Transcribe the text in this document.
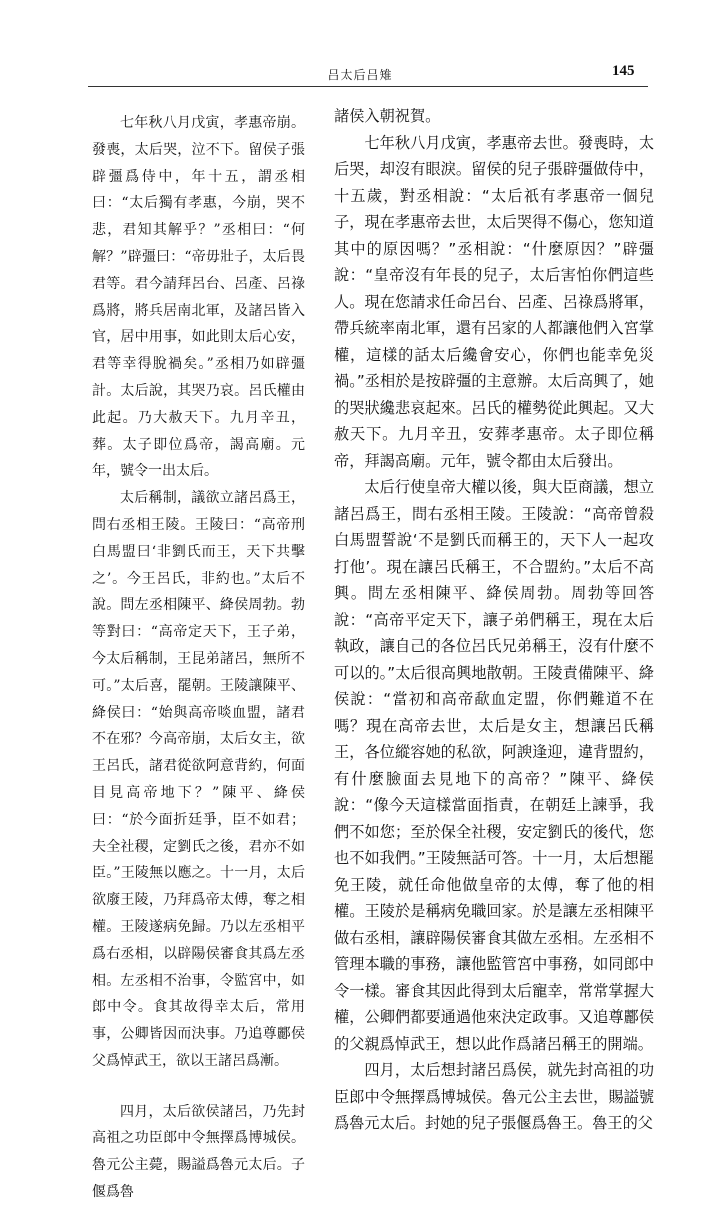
吕太后吕雉	145

七年秋八月戊寅，孝惠帝崩。發喪，太后哭，泣不下。留侯子張辟彊爲侍中，年十五，謂丞相曰：“太后獨有孝惠，今崩，哭不悲，君知其解乎？”丞相曰：“何解？”辟彊曰：“帝毋壯子，太后畏君等。君今請拜呂台、呂產、呂祿爲將，將兵居南北軍，及諸呂皆入官，居中用事，如此則太后心安，君等幸得脫禍矣。”丞相乃如辟彊計。太后說，其哭乃哀。呂氏權由此起。乃大赦天下。九月辛丑，葬。太子即位爲帝，謁高廟。元年，號令一出太后。

太后稱制，議欲立諸呂爲王，問右丞相王陵。王陵曰：“高帝刑白馬盟曰‘非劉氏而王，天下共擊之’。今王呂氏，非約也。”太后不說。問左丞相陳平、絳侯周勃。勃等對曰：“高帝定天下，王子弟，今太后稱制，王昆弟諸呂，無所不可。”太后喜，罷朝。王陵讓陳平、絳侯曰：“始與高帝啖血盟，諸君不在邪？今高帝崩，太后女主，欲王呂氏，諸君從欲阿意背約，何面目見高帝地下？”陳平、絳侯曰：“於今面折廷爭，臣不如君；夫全社稷，定劉氏之後，君亦不如臣。”王陵無以應之。十一月，太后欲廢王陵，乃拜爲帝太傅，奪之相權。王陵遂病免歸。乃以左丞相平爲右丞相，以辟陽侯審食其爲左丞相。左丞相不治事，令監宮中，如郎中令。食其故得幸太后，常用事，公卿皆因而決事。乃追尊酈侯父爲悼武王，欲以王諸呂爲漸。

四月，太后欲侯諸呂，乃先封高祖之功臣郎中令無擇爲博城侯。魯元公主薨，賜謚爲魯元太后。子偃爲魯

諸侯入朝祝賀。

七年秋八月戊寅，孝惠帝去世。發喪時，太后哭，却沒有眼淚。留侯的兒子張辟彊做侍中，十五歲，對丞相說：“太后祇有孝惠帝一個兒子，現在孝惠帝去世，太后哭得不傷心，您知道其中的原因嗎？”丞相說：“什麼原因？”辟彊說：“皇帝沒有年長的兒子，太后害怕你們這些人。現在您請求任命呂台、呂產、呂祿爲將軍，帶兵統率南北軍，還有呂家的人都讓他們入宮掌權，這樣的話太后纔會安心，你們也能幸免災禍。”丞相於是按辟彊的主意辦。太后高興了，她的哭狀纔悲哀起來。呂氏的權勢從此興起。又大赦天下。九月辛丑，安葬孝惠帝。太子即位稱帝，拜謁高廟。元年，號令都由太后發出。

太后行使皇帝大權以後，與大臣商議，想立諸呂爲王，問右丞相王陵。王陵說：“高帝曾殺白馬盟誓說‘不是劉氏而稱王的，天下人一起攻打他’。現在讓呂氏稱王，不合盟約。”太后不高興。問左丞相陳平、絳侯周勃。周勃等回答說：“高帝平定天下，讓子弟們稱王，現在太后執政，讓自己的各位呂氏兄弟稱王，沒有什麼不可以的。”太后很高興地散朝。王陵責備陳平、絳侯說：“當初和高帝歃血定盟，你們難道不在嗎？現在高帝去世，太后是女主，想讓呂氏稱王，各位縱容她的私欲，阿諛逢迎，違背盟約，有什麼臉面去見地下的高帝？”陳平、絳侯說：“像今天這樣當面指責，在朝廷上諫爭，我們不如您；至於保全社稷，安定劉氏的後代，您也不如我們。”王陵無話可答。十一月，太后想罷免王陵，就任命他做皇帝的太傅，奪了他的相權。王陵於是稱病免職回家。於是讓左丞相陳平做右丞相，讓辟陽侯審食其做左丞相。左丞相不管理本職的事務，讓他監管宮中事務，如同郎中令一樣。審食其因此得到太后寵幸，常常掌握大權，公卿們都要通過他來決定政事。又追尊酈侯的父親爲悼武王，想以此作爲諸呂稱王的開端。

四月，太后想封諸呂爲侯，就先封高祖的功臣郎中令無擇爲博城侯。魯元公主去世，賜謚號爲魯元太后。封她的兒子張偃爲魯王。魯王的父
